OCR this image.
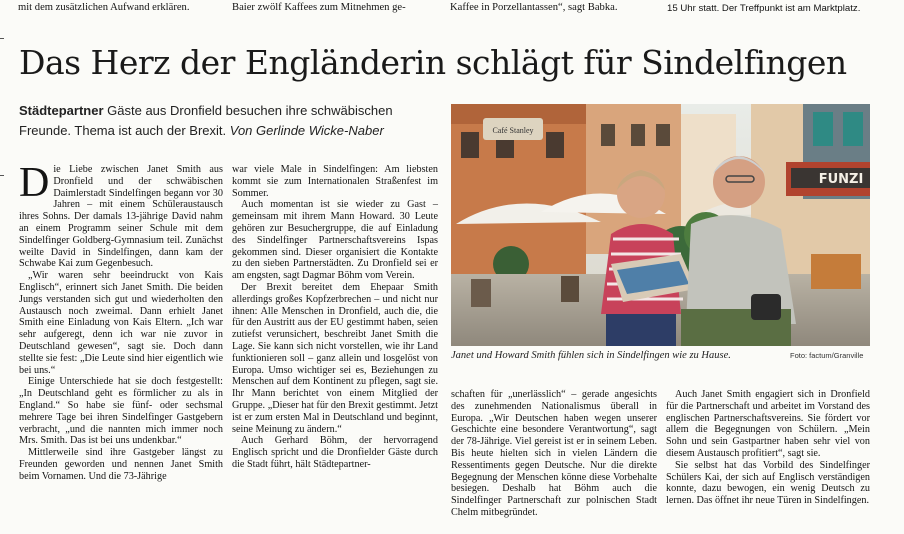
mit dem zusätzlichen Aufwand erklären.	Baier zwölf Kaffees zum Mitnehmen ge-	Kaffee in Porzellantassen“, sagt Babka.	15 Uhr statt. Der Treffpunkt ist am Marktplatz.
Das Herz der Engländerin schlägt für Sindelfingen
Städtepartner Gäste aus Dronfield besuchen ihre schwäbischen Freunde. Thema ist auch der Brexit. Von Gerlinde Wicke-Naber

Die Liebe zwischen Janet Smith aus Dronfield und der schwäbischen Daimlerstadt Sindelfingen begann vor 30 Jahren – mit einem Schüleraustausch ihres Sohns. Der damals 13-jährige David nahm an einem Programm seiner Schule mit dem Sindelfinger Goldberg-Gymnasium teil. Zunächst weilte David in Sindelfingen, dann kam der Schwabe Kai zum Gegenbesuch.

„Wir waren sehr beeindruckt von Kais Englisch“, erinnert sich Janet Smith. Die beiden Jungs verstanden sich gut und wiederholten den Austausch noch zweimal. Dann erhielt Janet Smith eine Einladung von Kais Eltern. „Ich war sehr aufgeregt, denn ich war nie zuvor in Deutschland gewesen“, sagt sie. Doch dann stellte sie fest: „Die Leute sind hier eigentlich wie bei uns.“

Einige Unterschiede hat sie doch festgestellt: „In Deutschland geht es förmlicher zu als in England.“ So habe sie fünf- oder sechsmal mehrere Tage bei ihren Sindelfinger Gastgebern verbracht, „und die nannten mich immer noch Mrs. Smith. Das ist bei uns undenkbar.“

Mittlerweile sind ihre Gastgeber längst zu Freunden geworden und nennen Janet Smith beim Vornamen. Und die 73-Jährige

war viele Male in Sindelfingen: Am liebsten kommt sie zum Internationalen Straßenfest im Sommer.

Auch momentan ist sie wieder zu Gast – gemeinsam mit ihrem Mann Howard. 30 Leute gehören zur Besuchergruppe, die auf Einladung des Sindelfinger Partnerschaftsvereins Ispas gekommen sind. Dieser organisiert die Kontakte zu den sieben Partnerstädten. Zu Dronfield sei er am engsten, sagt Dagmar Böhm vom Verein.

Der Brexit bereitet dem Ehepaar Smith allerdings großes Kopfzerbrechen – und nicht nur ihnen: Alle Menschen in Dronfield, auch die, die für den Austritt aus der EU gestimmt haben, seien zutiefst verunsichert, beschreibt Janet Smith die Lage. Sie kann sich nicht vorstellen, wie ihr Land funktionieren soll – ganz allein und losgelöst von Europa. Umso wichtiger sei es, Beziehungen zu Menschen auf dem Kontinent zu pflegen, sagt sie. Ihr Mann berichtet von einem Mitglied der Gruppe. „Dieser hat für den Brexit gestimmt. Jetzt ist er zum ersten Mal in Deutschland und beginnt, seine Meinung zu ändern.“

Auch Gerhard Böhm, der hervorragend Englisch spricht und die Dronfielder Gäste durch die Stadt führt, hält Städtepartner-

Café Stanley
FUNZI
Janet und Howard Smith fühlen sich in Sindelfingen wie zu Hause.	Foto: factum/Granville

schaften für „unerlässlich“ – gerade angesichts des zunehmenden Nationalismus überall in Europa. „Wir Deutschen haben wegen unserer Geschichte eine besondere Verantwortung“, sagt der 78-Jährige. Viel gereist ist er in seinem Leben. Bis heute hielten sich in vielen Ländern die Ressentiments gegen Deutsche. Nur die direkte Begegnung der Menschen könne diese Vorbehalte besiegen. Deshalb hat Böhm auch die Sindelfinger Partnerschaft zur polnischen Stadt Chelm mitbegründet.

Auch Janet Smith engagiert sich in Dronfield für die Partnerschaft und arbeitet im Vorstand des englischen Partnerschaftsvereins. Sie fördert vor allem die Begegnungen von Schülern. „Mein Sohn und sein Gastpartner haben sehr viel von diesem Austausch profitiert“, sagt sie.

Sie selbst hat das Vorbild des Sindelfinger Schülers Kai, der sich auf Englisch verständigen konnte, dazu bewogen, ein wenig Deutsch zu lernen. Das öffnet ihr neue Türen in Sindelfingen.
